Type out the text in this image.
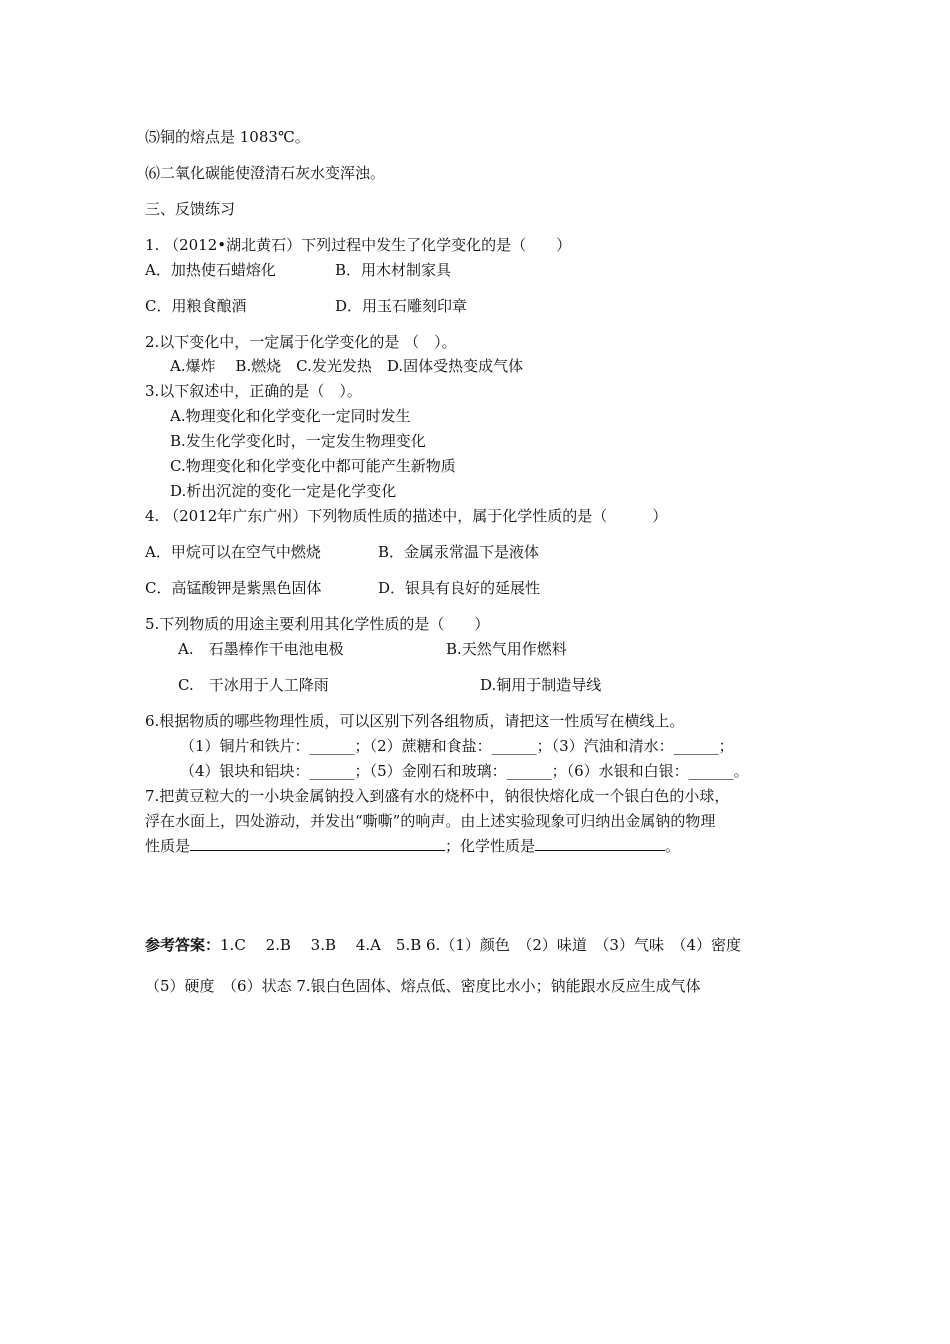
⑸铜的熔点是 1083℃。
⑹二氧化碳能使澄清石灰水变浑浊。
三、反馈练习
1. （2012•湖北黄石）下列过程中发生了化学变化的是（　　）
A．加热使石蜡熔化	B．用木材制家具
C．用粮食酿酒	D．用玉石雕刻印章
2.以下变化中，一定属于化学变化的是 （　）。
A.爆炸　 B.燃烧　C.发光发热　D.固体受热变成气体
3.以下叙述中，正确的是（　）。
A.物理变化和化学变化一定同时发生
B.发生化学变化时，一定发生物理变化
C.物理变化和化学变化中都可能产生新物质
D.析出沉淀的变化一定是化学变化
4. （2012年广东广州）下列物质性质的描述中，属于化学性质的是（　　　）
A．甲烷可以在空气中燃烧	B．金属汞常温下是液体
C．高锰酸钾是紫黑色固体	D．银具有良好的延展性
5.下列物质的用途主要利用其化学性质的是（　　）
A.　石墨棒作干电池电极	B.天然气用作燃料
C.　干冰用于人工降雨	D.铜用于制造导线
6.根据物质的哪些物理性质，可以区别下列各组物质，请把这一性质写在横线上。
（1）铜片和铁片：______；（2）蔗糖和食盐：______；（3）汽油和清水：______；
（4）银块和铝块：______；（5）金刚石和玻璃：______；（6）水银和白银：______。
7.把黄豆粒大的一小块金属钠投入到盛有水的烧杯中，钠很快熔化成一个银白色的小球，
浮在水面上，四处游动，并发出“嘶嘶”的响声。由上述实验现象可归纳出金属钠的物理
性质是	；化学性质是	。
参考答案：1.C　 2.B　 3.B　 4.A　5.B 6.（1）颜色　（2）味道　（3）气味　（4）密度
（5）硬度　（6）状态 7.银白色固体、熔点低、密度比水小；钠能跟水反应生成气体
